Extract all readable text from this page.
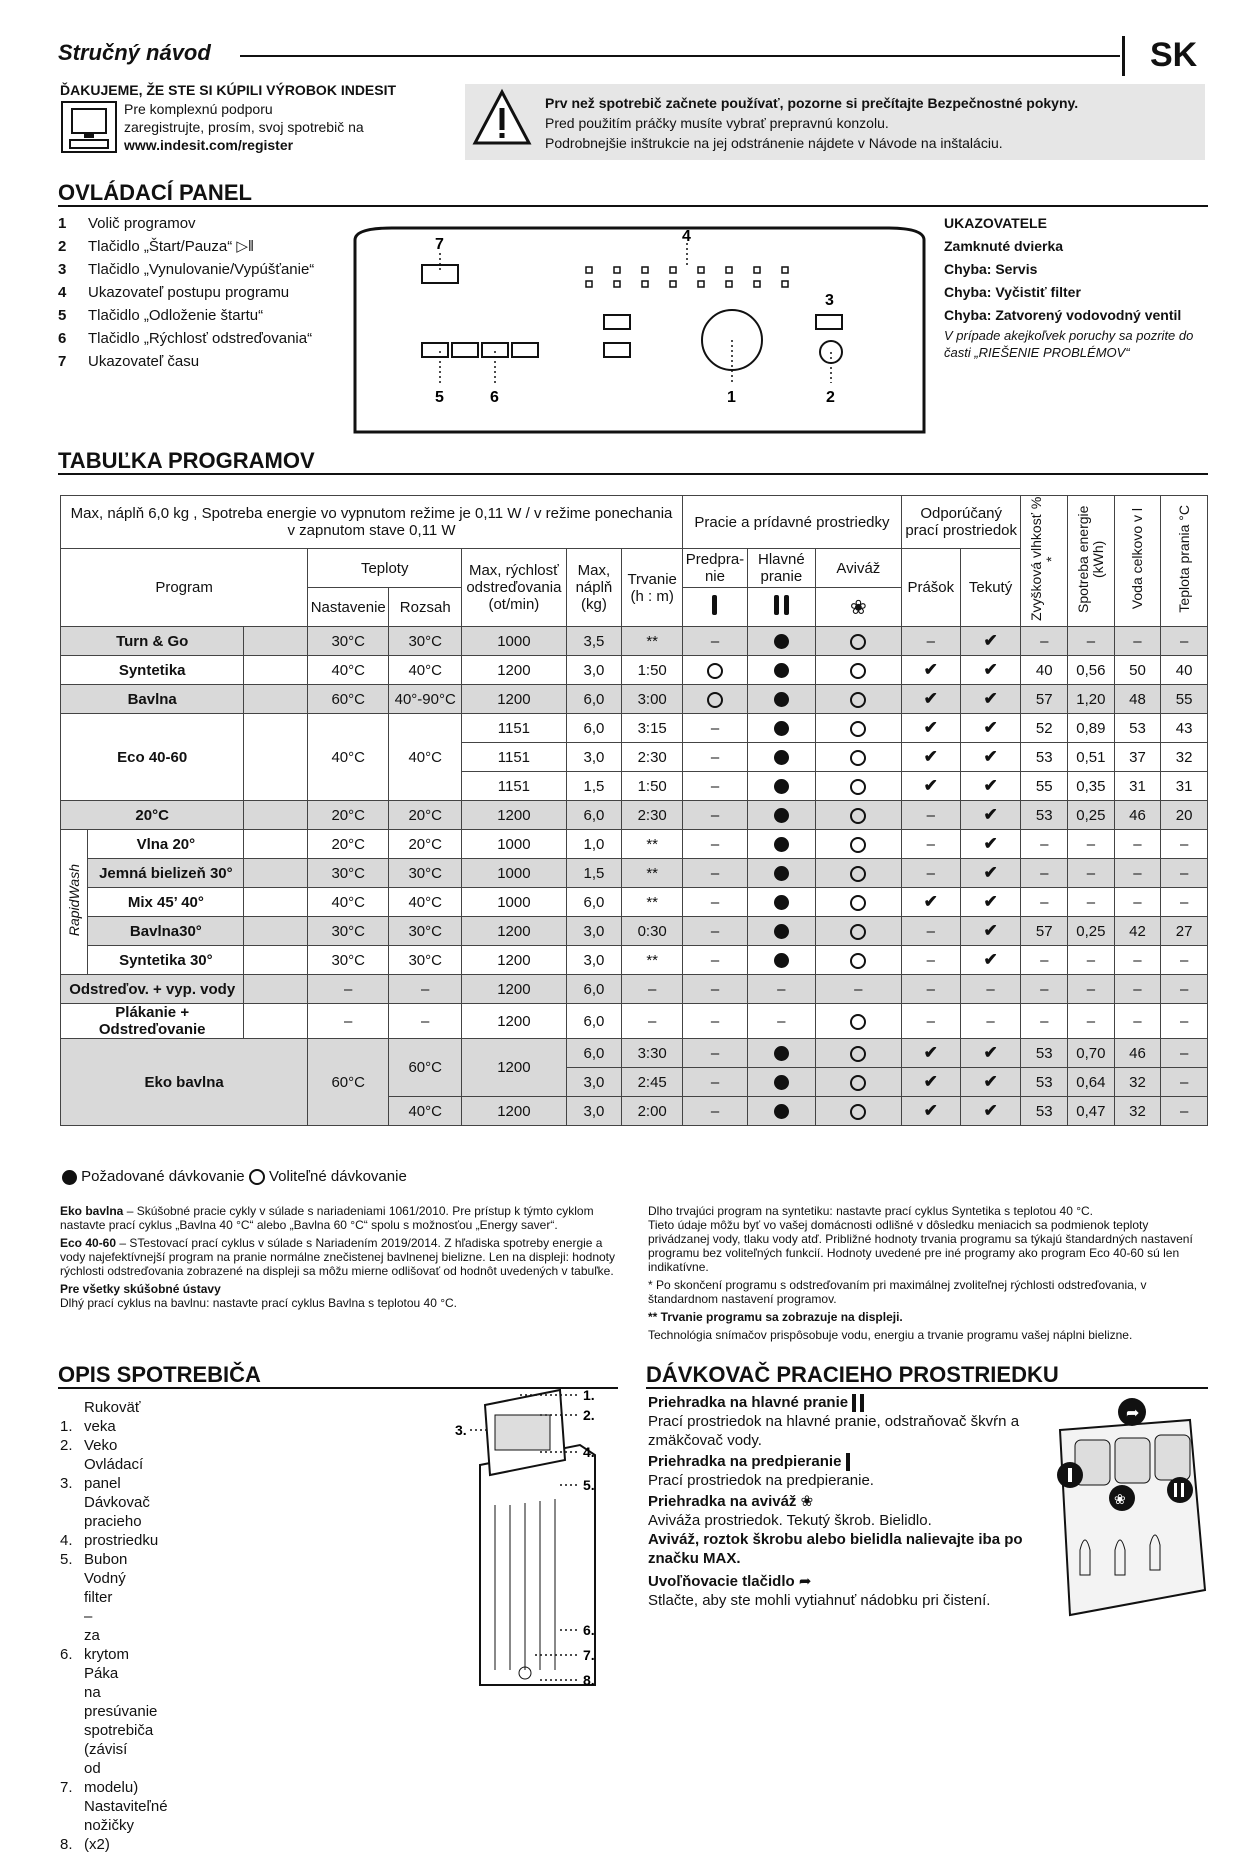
Stručný návod	SK
ĎAKUJEME, ŽE STE SI KÚPILI VÝROBOK INDESIT
Pre komplexnú podporu
zaregistrujte, prosím, svoj spotrebič na
www.indesit.com/register
Prv než spotrebič začnete používať, pozorne si prečítajte Bezpečnostné pokyny.
Pred použitím práčky musíte vybrať prepravnú konzolu.
Podrobnejšie inštrukcie na jej odstránenie nájdete v Návode na inštaláciu.
OVLÁDACÍ PANEL
1 Volič programov
2 Tlačidlo „Štart/Pauza“ ▷‖
3 Tlačidlo „Vynulovanie/Vypúšťanie“
4 Ukazovateľ postupu programu
5 Tlačidlo „Odloženie štartu“
6 Tlačidlo „Rýchlosť odstreďovania“
7 Ukazovateľ času
7	4
3
5	6	1	2
UKAZOVATELE
Zamknuté dvierka
Chyba: Servis
Chyba: Vyčistiť filter
Chyba: Zatvorený vodovodný ventil
V prípade akejkoľvek poruchy sa pozrite do časti „RIEŠENIE PROBLÉMOV“
TABUĽKA PROGRAMOV
Max, náplň 6,0 kg , Spotreba energie vo vypnutom režime je 0,11 W / v režime ponechania v zapnutom stave 0,11 W								Pracie a prídavné prostriedky			Odporúčaný prací prostriedok		Zvyšková vlhkosť % *	Spotreba energie (kWh)	Voda celkovo v l	Teplota prania °C
Program			Teploty		Max, rýchlosť odstreďovania (ot/min)	Max, náplň (kg)	Trvanie (h : m)	Predpra-nie	Hlavné pranie	Aviváž	Prášok	Tekutý				
			Nastavenie	Rozsah						❀						
Turn & Go			30°C	30°C	1000	3,5	**	–			–	✔	–	–	–	–
Syntetika			40°C	40°C	1200	3,0	1:50				✔	✔	40	0,56	50	40
Bavlna			60°C	40°-90°C	1200	6,0	3:00				✔	✔	57	1,20	48	55
Eco 40-60			40°C	40°C	1151	6,0	3:15	–			✔	✔	52	0,89	53	43
					1151	3,0	2:30	–			✔	✔	53	0,51	37	32
					1151	1,5	1:50	–			✔	✔	55	0,35	31	31
20°C			20°C	20°C	1200	6,0	2:30	–			–	✔	53	0,25	46	20
RapidWash	Vlna 20°		20°C	20°C	1000	1,0	**	–			–	✔	–	–	–	–
	Jemná bielizeň 30°		30°C	30°C	1000	1,5	**	–			–	✔	–	–	–	–
	Mix 45’ 40°		40°C	40°C	1000	6,0	**	–			✔	✔	–	–	–	–
	Bavlna30°		30°C	30°C	1200	3,0	0:30	–			–	✔	57	0,25	42	27
	Syntetika 30°		30°C	30°C	1200	3,0	**	–			–	✔	–	–	–	–
Odstreďov. + vyp. vody			–	–	1200	6,0	–	–	–	–	–	–	–	–	–	–
Plákanie + Odstreďovanie			–	–	1200	6,0	–	–	–		–	–	–	–	–	–
Eko bavlna			60°C	60°C	1200	6,0	3:30	–			✔	✔	53	0,70	46	–
						3,0	2:45	–			✔	✔	53	0,64	32	–
				40°C	1200	3,0	2:00	–			✔	✔	53	0,47	32	–
Požadované dávkovanie Voliteľné dávkovanie
Eko bavlna – Skúšobné pracie cykly v súlade s nariadeniami 1061/2010. Pre prístup k týmto cyklom nastavte prací cyklus „Bavlna 40 °C“ alebo „Bavlna 60 °C“ spolu s možnosťou „Energy saver“.
Eco 40-60 – STestovací prací cyklus v súlade s Nariadením 2019/2014. Z hľadiska spotreby energie a vody najefektívnejší program na pranie normálne znečistenej bavlnenej bielizne. Len na displeji: hodnoty rýchlosti odstreďovania zobrazené na displeji sa môžu mierne odlišovať od hodnôt uvedených v tabuľke.
Pre všetky skúšobné ústavy
Dlhý prací cyklus na bavlnu: nastavte prací cyklus Bavlna s teplotou 40 °C.
Dlho trvajúci program na syntetiku: nastavte prací cyklus Syntetika s teplotou 40 °C.
Tieto údaje môžu byť vo vašej domácnosti odlišné v dôsledku meniacich sa podmienok teploty privádzanej vody, tlaku vody atď. Približné hodnoty trvania programu sa týkajú štandardných nastavení programu bez voliteľných funkcií. Hodnoty uvedené pre iné programy ako program Eco 40-60 sú len indikatívne.
* Po skončení programu s odstreďovaním pri maximálnej zvoliteľnej rýchlosti odstreďovania, v štandardnom nastavení programov.
** Trvanie programu sa zobrazuje na displeji.
Technológia snímačov prispôsobuje vodu, energiu a trvanie programu vašej náplni bielizne.
OPIS SPOTREBIČA
1.Rukoväť veka
2. Veko
3.Ovládací panel
4.Dávkovač pracieho prostriedku
5. Bubon
6.Vodný filter – za krytom
7.Páka na presúvanie spotrebiča (závisí od modelu)
8.Nastaviteľné nožičky (x2)
1.
2.
3.
4.
5.
6.
7.
8.
DÁVKOVAČ PRACIEHO PROSTRIEDKU
Priehradka na hlavné pranie
Prací prostriedok na hlavné pranie, odstraňovač škvŕn a zmäkčovač vody.
Priehradka na predpieranie
Prací prostriedok na predpieranie.
Priehradka na aviváž ❀
Aviváža prostriedok. Tekutý škrob. Bielidlo.
Aviváž, roztok škrobu alebo bielidla nalievajte iba po značku MAX.
Uvoľňovacie tlačidlo ➦
Stlačte, aby ste mohli vytiahnuť nádobku pri čistení.
➦
❀
